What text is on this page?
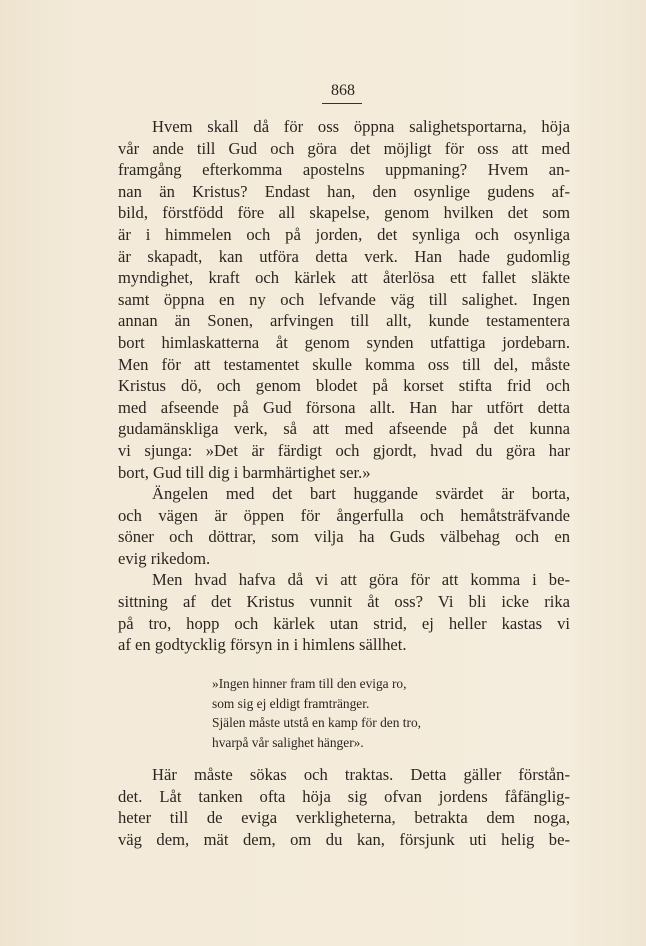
868
Hvem skall då för oss öppna salighetsportarna, höja
vår ande till Gud och göra det möjligt för oss att med
framgång efterkomma apostelns uppmaning? Hvem an-
nan än Kristus? Endast han, den osynlige gudens af-
bild, förstfödd före all skapelse, genom hvilken det som
är i himmelen och på jorden, det synliga och osynliga
är skapadt, kan utföra detta verk. Han hade gudomlig
myndighet, kraft och kärlek att återlösa ett fallet släkte
samt öppna en ny och lefvande väg till salighet. Ingen
annan än Sonen, arfvingen till allt, kunde testamentera
bort himlaskatterna åt genom synden utfattiga jordebarn.
Men för att testamentet skulle komma oss till del, måste
Kristus dö, och genom blodet på korset stifta frid och
med afseende på Gud försona allt. Han har utfört detta
gudamänskliga verk, så att med afseende på det kunna
vi sjunga: »Det är färdigt och gjordt, hvad du göra har
bort, Gud till dig i barmhärtighet ser.»
Ängelen med det bart huggande svärdet är borta,
och vägen är öppen för ångerfulla och hemåtsträfvande
söner och döttrar, som vilja ha Guds välbehag och en
evig rikedom.
Men hvad hafva då vi att göra för att komma i be-
sittning af det Kristus vunnit åt oss? Vi bli icke rika
på tro, hopp och kärlek utan strid, ej heller kastas vi
af en godtycklig försyn in i himlens sällhet.
»Ingen hinner fram till den eviga ro,
som sig ej eldigt framtränger.
Själen måste utstå en kamp för den tro,
hvarpå vår salighet hänger».
Här måste sökas och traktas. Detta gäller förstån-
det. Låt tanken ofta höja sig ofvan jordens fåfänglig-
heter till de eviga verkligheterna, betrakta dem noga,
väg dem, mät dem, om du kan, försjunk uti helig be-
